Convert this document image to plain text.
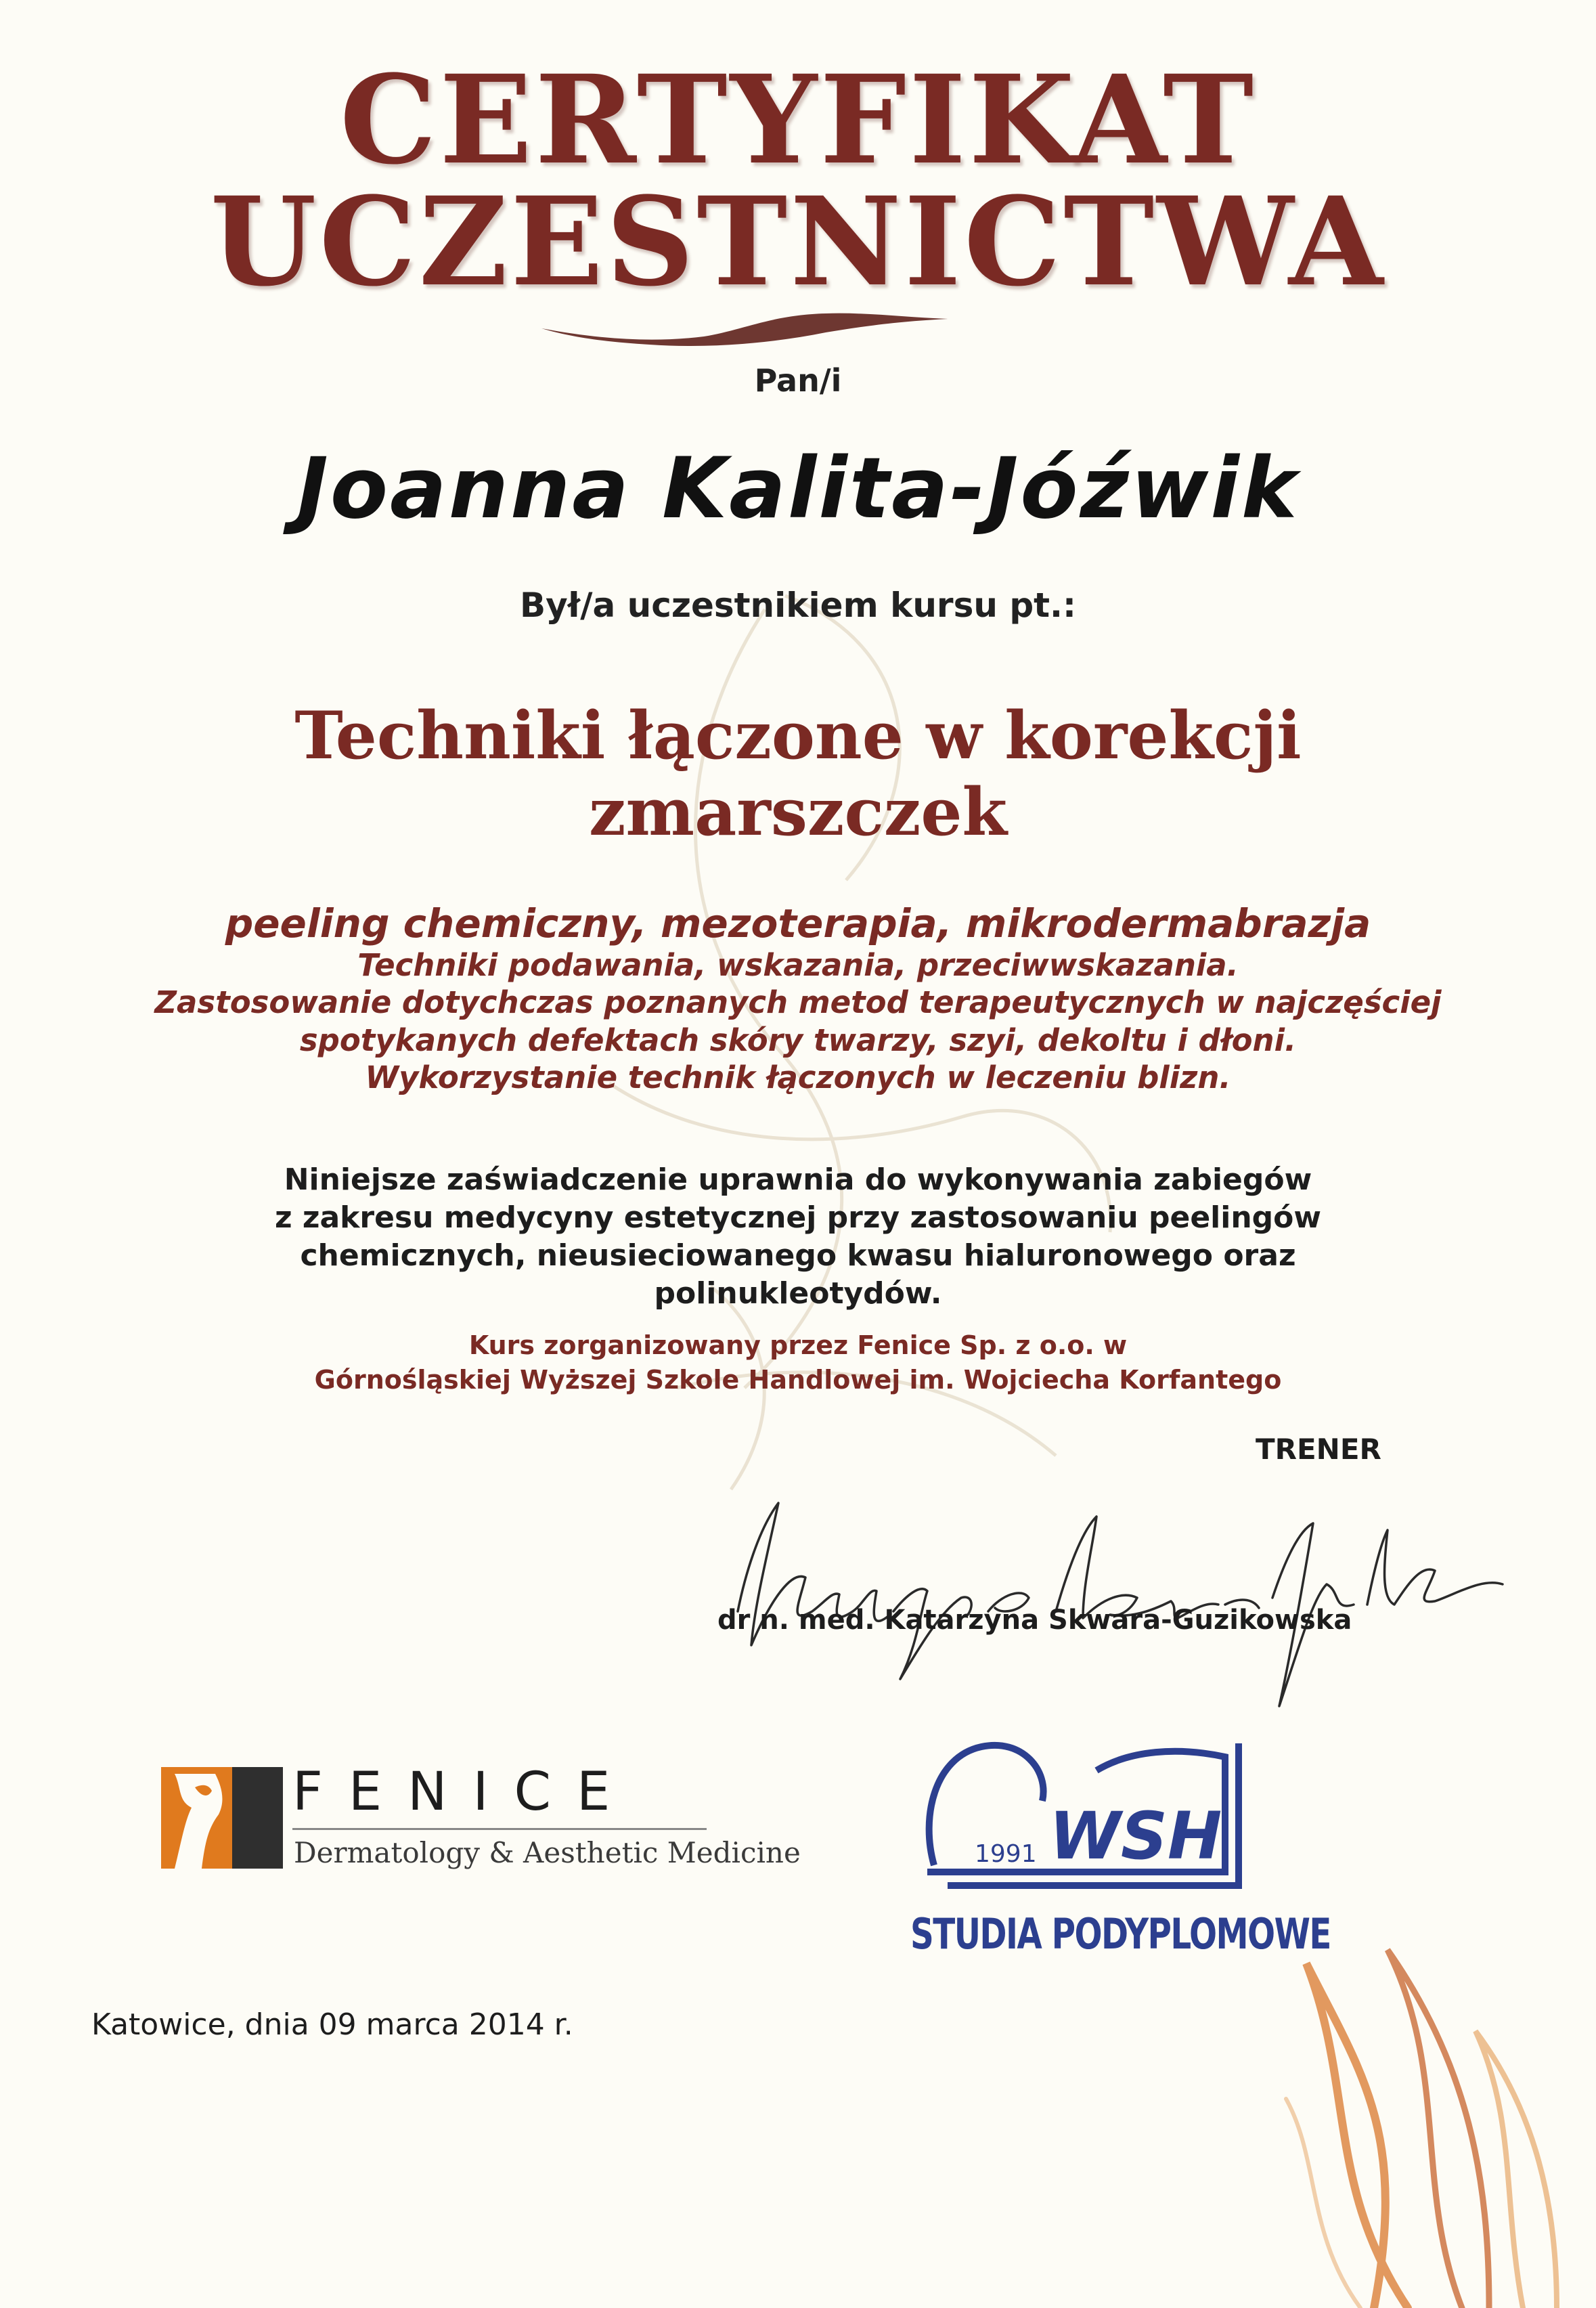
CERTYFIKAT
UCZESTNICTWA
Pan/i
Joanna Kalita-Jóźwik
Był/a uczestnikiem kursu pt.:
Techniki łączone w korekcji
zmarszczek
peeling chemiczny, mezoterapia, mikrodermabrazja
Techniki podawania, wskazania, przeciwwskazania.
Zastosowanie dotychczas poznanych metod terapeutycznych w najczęściej
spotykanych defektach skóry twarzy, szyi, dekoltu i dłoni.
Wykorzystanie technik łączonych w leczeniu blizn.
Niniejsze zaświadczenie uprawnia do wykonywania zabiegów
z zakresu medycyny estetycznej przy zastosowaniu peelingów
chemicznych, nieusieciowanego kwasu hialuronowego oraz
polinukleotydów.
Kurs zorganizowany przez Fenice Sp. z o.o. w
Górnośląskiej Wyższej Szkole Handlowej im. Wojciecha Korfantego
TRENER
dr n. med. Katarzyna Skwara-Guzikowska
FENICE
Dermatology & Aesthetic Medicine	1991 WSH
STUDIA PODYPLOMOWE
Katowice, dnia 09 marca 2014 r.
